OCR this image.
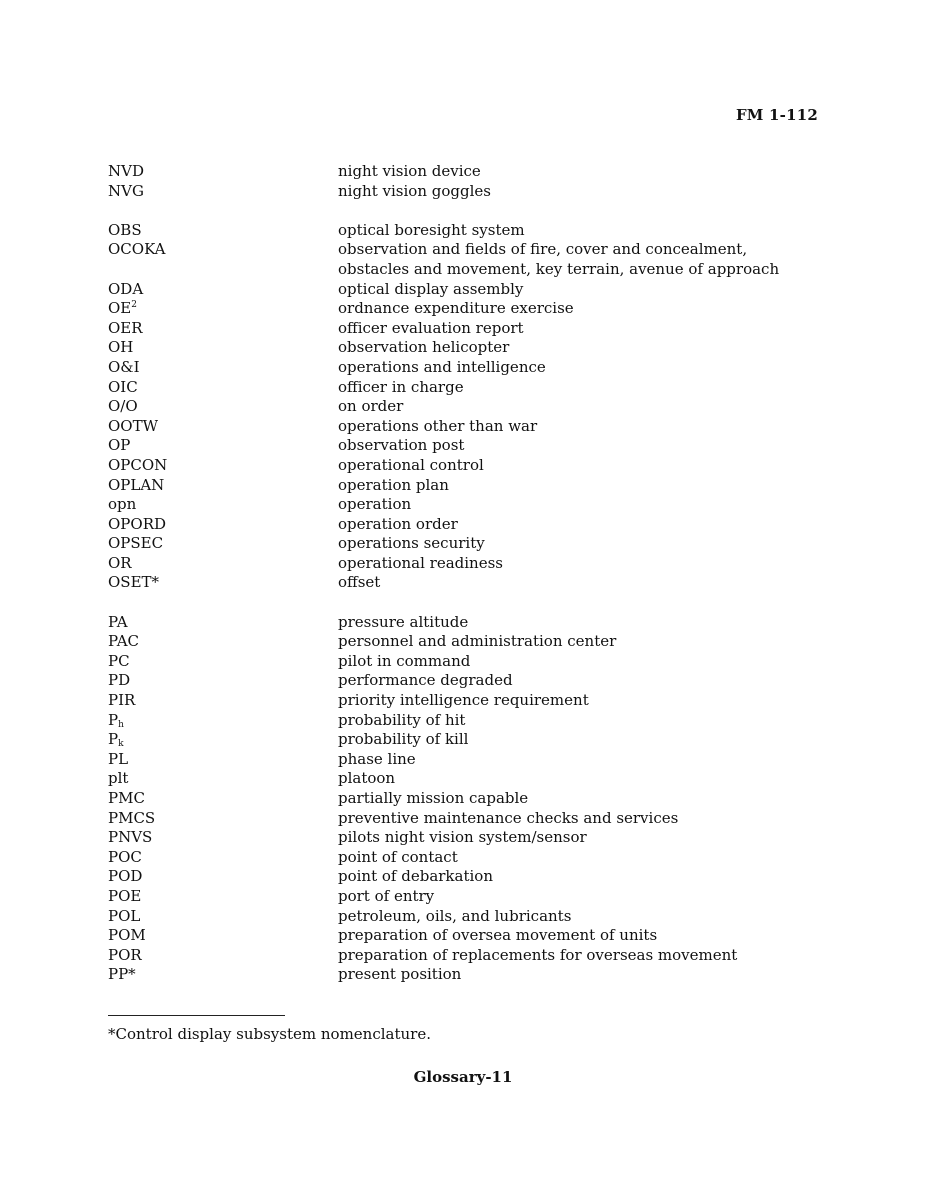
FM 1-112
NVD	night vision device
NVG	night vision goggles
OBS	optical boresight system
OCOKA	observation and fields of fire, cover and concealment,
obstacles and movement, key terrain, avenue of approach
ODA	optical display assembly
$OE^2$	ordnance expenditure exercise
OER	officer evaluation report
OH	observation helicopter
O&I	operations and intelligence
OIC	officer in charge
O/O	on order
OOTW	operations other than war
OP	observation post
OPCON	operational control
OPLAN	operation plan
opn	operation
OPORD	operation order
OPSEC	operations security
OR	operational readiness
OSET*	offset
PA	pressure altitude
PAC	personnel and administration center
PC	pilot in command
PD	performance degraded
PIR	priority intelligence requirement
$P_h$	probability of hit
$P_k$	probability of kill
PL	phase line
plt	platoon
PMC	partially mission capable
PMCS	preventive maintenance checks and services
PNVS	pilots night vision system/sensor
POC	point of contact
POD	point of debarkation
POE	port of entry
POL	petroleum, oils, and lubricants
POM	preparation of oversea movement of units
POR	preparation of replacements for overseas movement
PP*	present position
*Control display subsystem nomenclature.
Glossary-11
